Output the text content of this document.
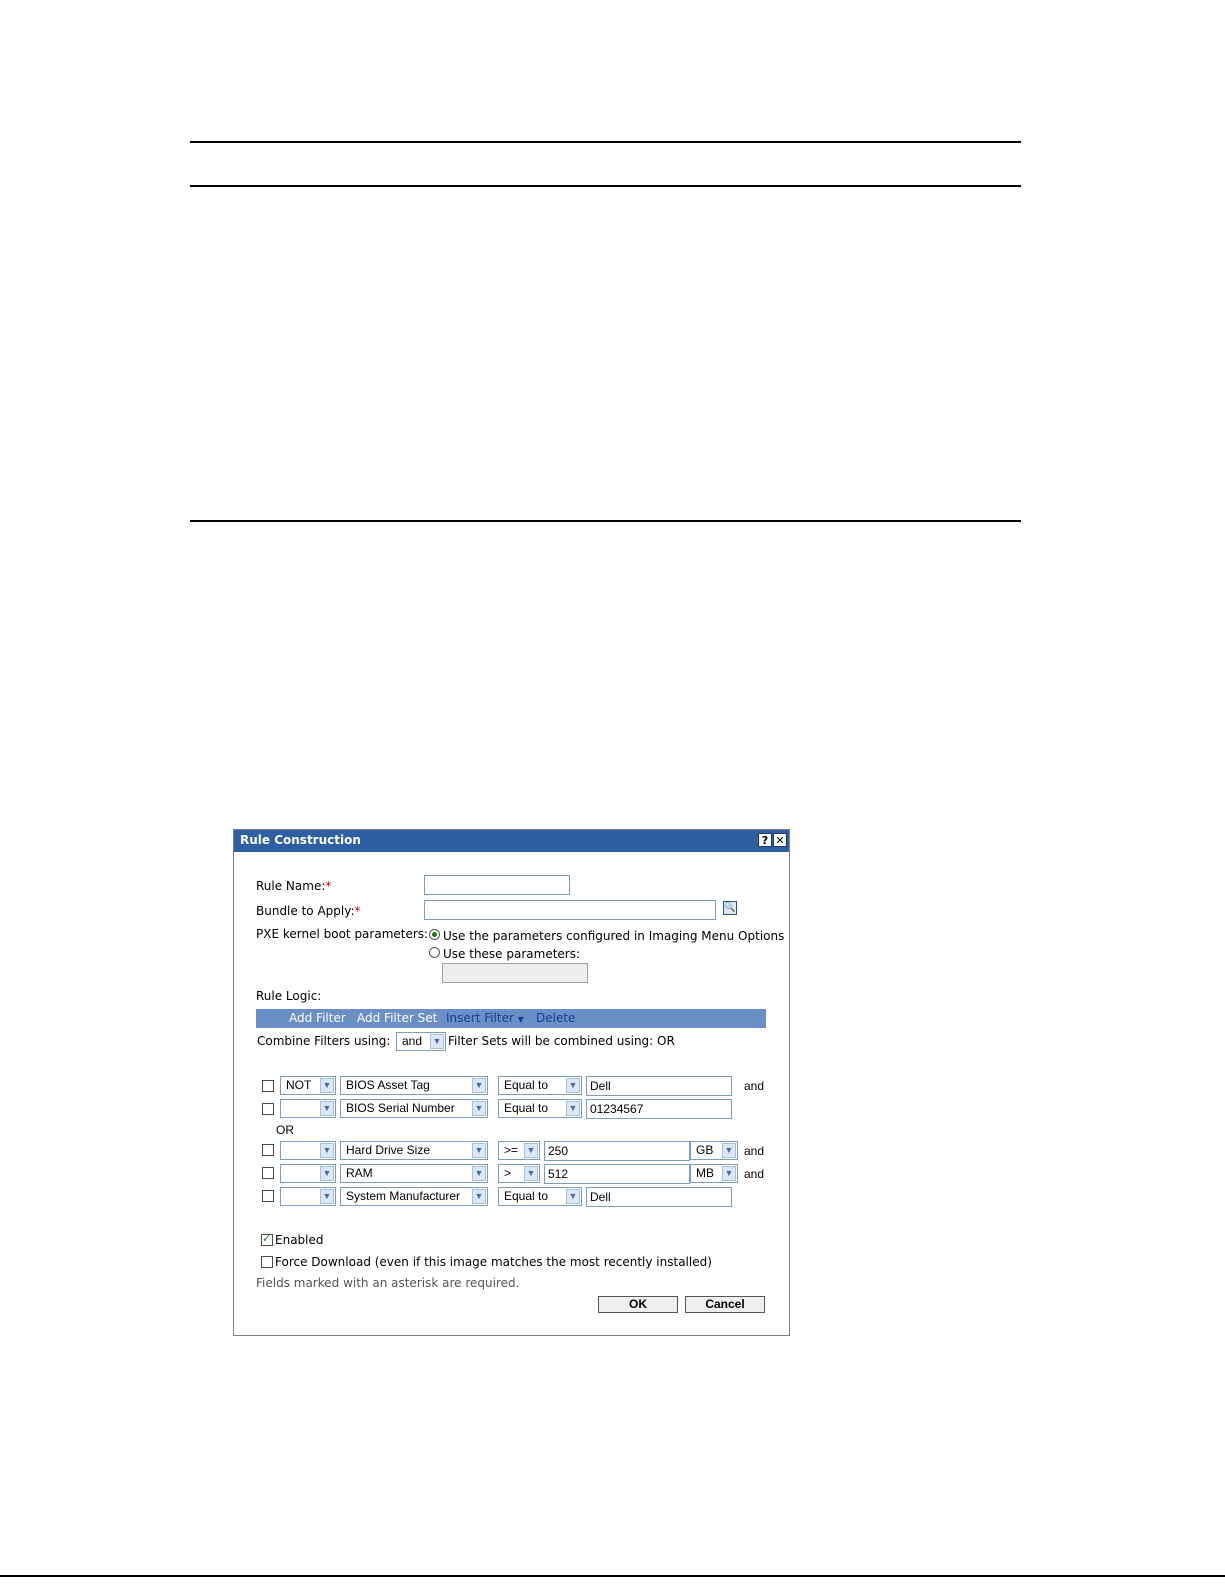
Rule Construction	? ✕
Rule Name:*
Bundle to Apply:*	🔍
PXE kernel boot parameters: Use the parameters configured in Imaging Menu Options
Use these parameters:
Rule Logic:
Add Filter Add Filter Set Insert Filter ▼ Delete
Combine Filters using: and ▼ Filter Sets will be combined using: OR
NOT ▼	BIOS Asset Tag	▼	Equal to ▼	Dell	and
▼	BIOS Serial Number ▼	Equal to ▼	01234567
OR
▼	Hard Drive Size	▼	>= ▼	250	GB ▼ and
▼	RAM	▼	> ▼	512	MB ▼ and
▼	System Manufacturer ▼	Equal to ▼	Dell
✓
Enabled
Force Download (even if this image matches the most recently installed)
Fields marked with an asterisk are required.
OK	Cancel
